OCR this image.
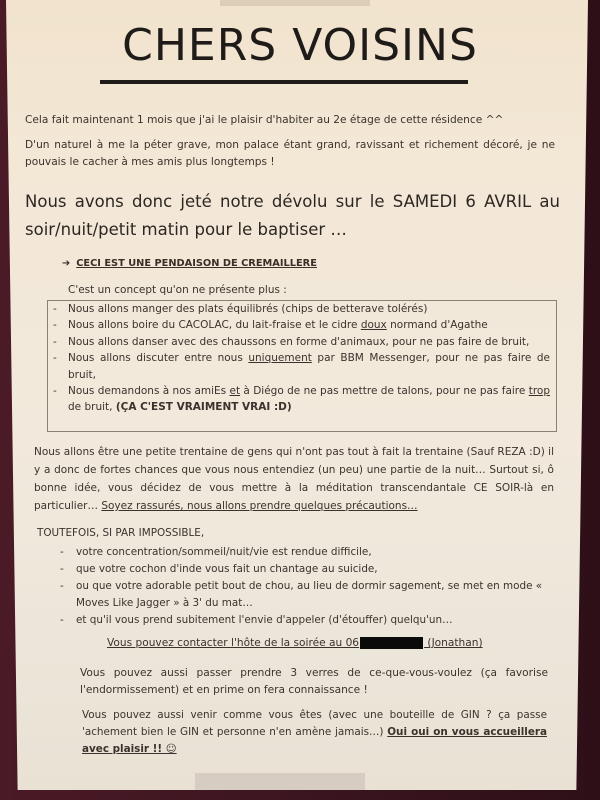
CHERS VOISINS
Cela fait maintenant 1 mois que j'ai le plaisir d'habiter au 2e étage de cette résidence ^^
D'un naturel à me la péter grave, mon palace étant grand, ravissant et richement décoré, je ne pouvais le cacher à mes amis plus longtemps !
Nous avons donc jeté notre dévolu sur le SAMEDI 6 AVRIL au soir/nuit/petit matin pour le baptiser …
➔ CECI EST UNE PENDAISON DE CREMAILLERE
C'est un concept qu'on ne présente plus :
- Nous allons manger des plats équilibrés (chips de betterave tolérés)
- Nous allons boire du CACOLAC, du lait-fraise et le cidre doux normand d'Agathe
- Nous allons danser avec des chaussons en forme d'animaux, pour ne pas faire de bruit,
- Nous allons discuter entre nous uniquement par BBM Messenger, pour ne pas faire de bruit,
- Nous demandons à nos amiEs et à Diégo de ne pas mettre de talons, pour ne pas faire trop de bruit, (ÇA C'EST VRAIMENT VRAI :D)
Nous allons être une petite trentaine de gens qui n'ont pas tout à fait la trentaine (Sauf REZA :D) il y a donc de fortes chances que vous nous entendiez (un peu) une partie de la nuit… Surtout si, ô bonne idée, vous décidez de vous mettre à la méditation transcendantale CE SOIR-là en particulier… Soyez rassurés, nous allons prendre quelques précautions…
TOUTEFOIS, SI PAR IMPOSSIBLE,
- votre concentration/sommeil/nuit/vie est rendue difficile,
- que votre cochon d'inde vous fait un chantage au suicide,
- ou que votre adorable petit bout de chou, au lieu de dormir sagement, se met en mode « Moves Like Jagger » à 3' du mat…
- et qu'il vous prend subitement l'envie d'appeler (d'étouffer) quelqu'un…
Vous pouvez contacter l'hôte de la soirée au 06	(Jonathan)
Vous pouvez aussi passer prendre 3 verres de ce-que-vous-voulez (ça favorise l'endormissement) et en prime on fera connaissance !
Vous pouvez aussi venir comme vous êtes (avec une bouteille de GIN ? ça passe 'achement bien le GIN et personne n'en amène jamais…) Oui oui on vous accueillera avec plaisir !! ☺
